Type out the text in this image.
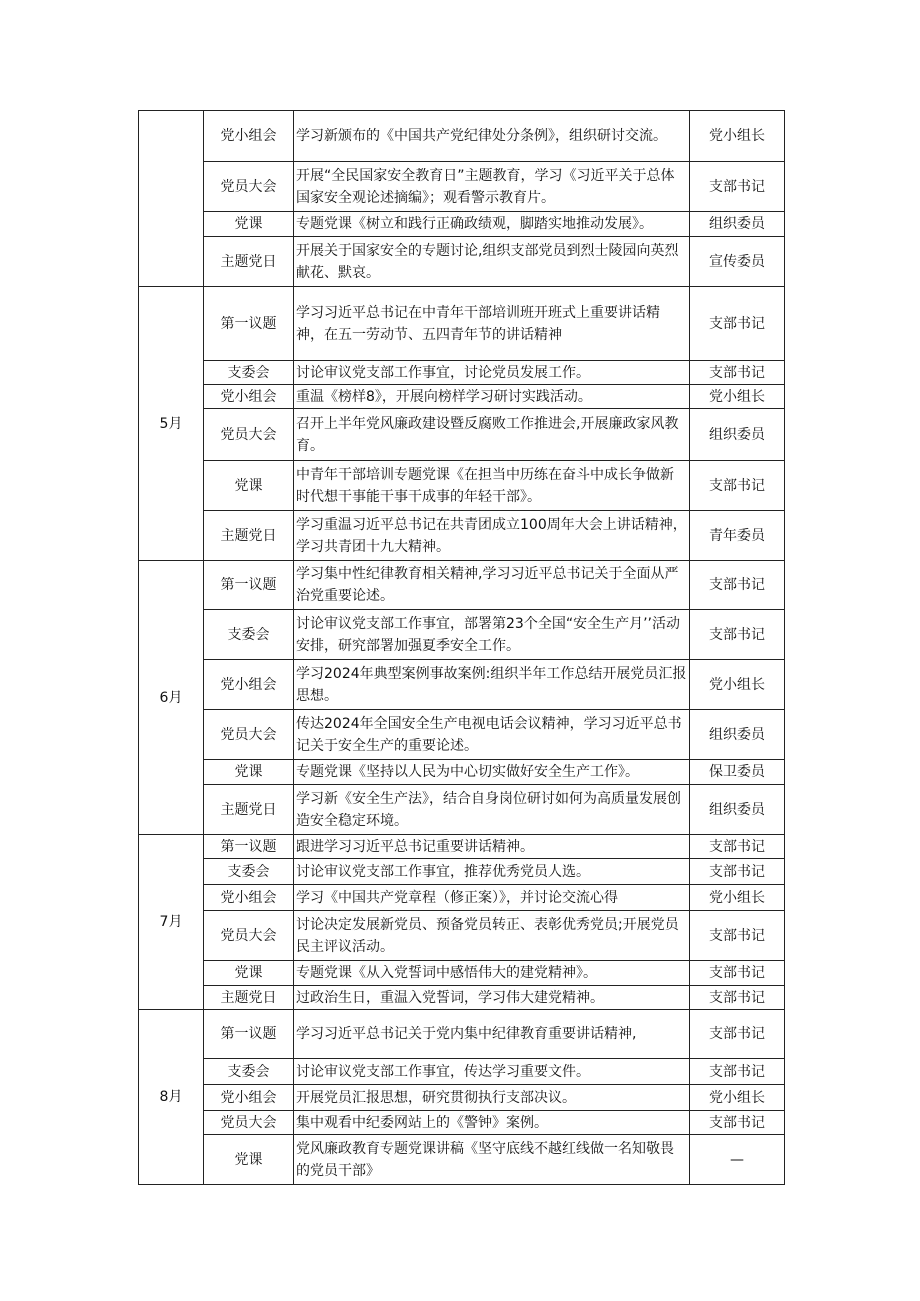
	党小组会	学习新颁布的《中国共产党纪律处分条例》，组织研讨交流。	党小组长
	党员大会	开展“全民国家安全教育日”主题教育，学习《习近平关于总体国家安全观论述摘编》；观看警示教育片。	支部书记
	党课	专题党课《树立和践行正确政绩观，脚踏实地推动发展》。	组织委员
	主题党日	开展关于国家安全的专题讨论,组织支部党员到烈士陵园向英烈献花、默哀。	宣传委员
5月	第一议题	学习习近平总书记在中青年干部培训班开班式上重要讲话精神，在五一劳动节、五四青年节的讲话精神	支部书记
	支委会	讨论审议党支部工作事宜，讨论党员发展工作。	支部书记
	党小组会	重温《榜样8》，开展向榜样学习研讨实践活动。	党小组长
	党员大会	召开上半年党风廉政建设暨反腐败工作推进会,开展廉政家风教育。	组织委员
	党课	中青年干部培训专题党课《在担当中历练在奋斗中成长争做新时代想干事能干事干成事的年轻干部》。	支部书记
	主题党日	学习重温习近平总书记在共青团成立100周年大会上讲话精神，学习共青团十九大精神。	青年委员
6月	第一议题	学习集中性纪律教育相关精神,学习习近平总书记关于全面从严治党重要论述。	支部书记
	支委会	讨论审议党支部工作事宜，部署第23个全国“安全生产月’’活动安排，研究部署加强夏季安全工作。	支部书记
	党小组会	学习2024年典型案例事故案例:组织半年工作总结开展党员汇报思想。	党小组长
	党员大会	传达2024年全国安全生产电视电话会议精神，学习习近平总书记关于安全生产的重要论述。	组织委员
	党课	专题党课《坚持以人民为中心切实做好安全生产工作》。	保卫委员
	主题党日	学习新《安全生产法》，结合自身岗位研讨如何为高质量发展创造安全稳定环境。	组织委员
7月	第一议题	跟进学习习近平总书记重要讲话精神。	支部书记
	支委会	讨论审议党支部工作事宜，推荐优秀党员人选。	支部书记
	党小组会	学习《中国共产党章程（修正案）》，并讨论交流心得	党小组长
	党员大会	讨论决定发展新党员、预备党员转正、表彰优秀党员;开展党员民主评议活动。	支部书记
	党课	专题党课《从入党誓词中感悟伟大的建党精神》。	支部书记
	主题党日	过政治生日，重温入党誓词，学习伟大建党精神。	支部书记
8月	第一议题	学习习近平总书记关于党内集中纪律教育重要讲话精神,	支部书记
	支委会	讨论审议党支部工作事宜，传达学习重要文件。	支部书记
	党小组会	开展党员汇报思想，研究贯彻执行支部决议。	党小组长
	党员大会	集中观看中纪委网站上的《警钟》案例。	支部书记
	党课	党风廉政教育专题党课讲稿《坚守底线不越红线做一名知敬畏的党员干部》	—
